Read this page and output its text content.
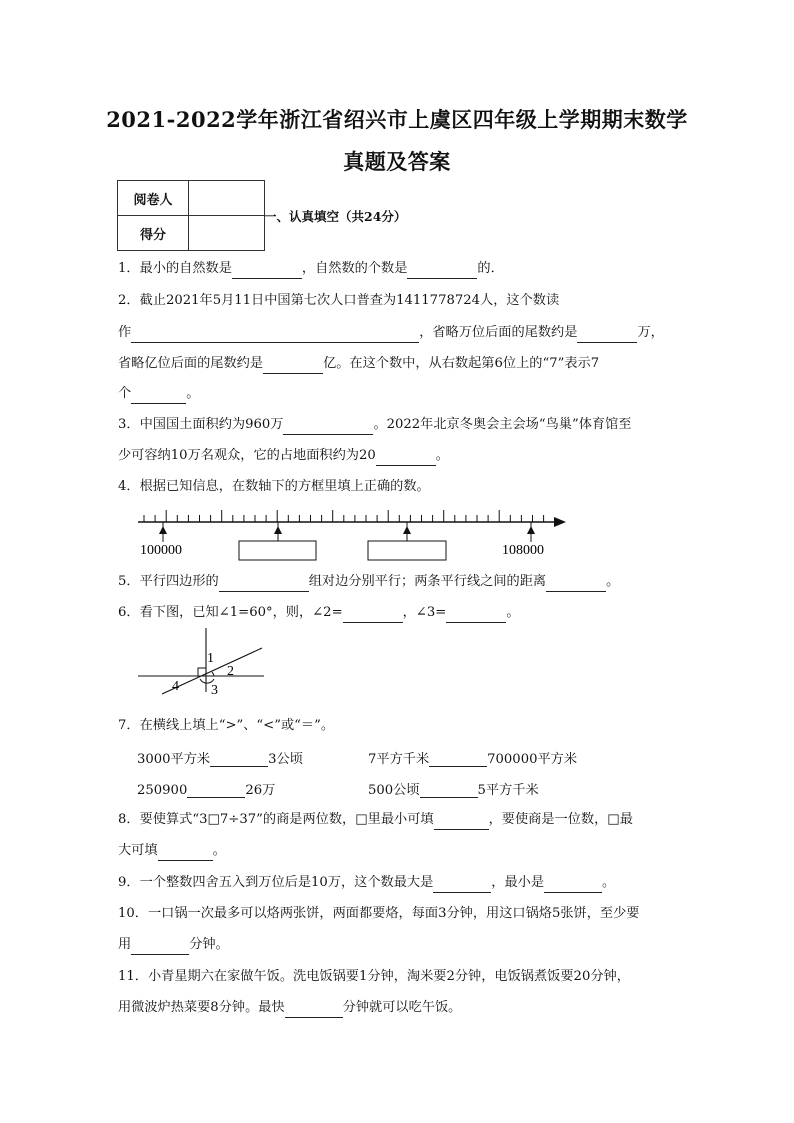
2021-2022学年浙江省绍兴市上虞区四年级上学期期末数学
真题及答案
阅卷人	
得分	
一、认真填空（共24分）
1．最小的自然数是	，自然数的个数是	的．
2．截止2021年5月11日中国第七次人口普查为1411778724人，这个数读
作	，省略万位后面的尾数约是	万，
省略亿位后面的尾数约是	亿。在这个数中，从右数起第6位上的“7”表示7
个	。
3．中国国土面积约为960万	。2022年北京冬奥会主会场“鸟巢”体育馆至
少可容纳10万名观众，它的占地面积约为20	。
4．根据已知信息，在数轴下的方框里填上正确的数。
100000	108000
5．平行四边形的	组对边分别平行；两条平行线之间的距离	。
6．看下图，已知∠1=60°，则，∠2=	，∠3=	。
1
2
3
4
7．在横线上填上“>”、“<”或“＝”。
3000平方米	3公顷	7平方千米	700000平方米
250900	26万	500公顷	5平方千米
8．要使算式“3□7÷37”的商是两位数，□里最小可填	，要使商是一位数，□最
大可填	。
9．一个整数四舍五入到万位后是10万，这个数最大是	，最小是	。
10．一口锅一次最多可以烙两张饼，两面都要烙，每面3分钟，用这口锅烙5张饼，至少要
用	分钟。
11．小青星期六在家做午饭。洗电饭锅要1分钟，淘米要2分钟，电饭锅煮饭要20分钟，
用微波炉热菜要8分钟。最快	分钟就可以吃午饭。
